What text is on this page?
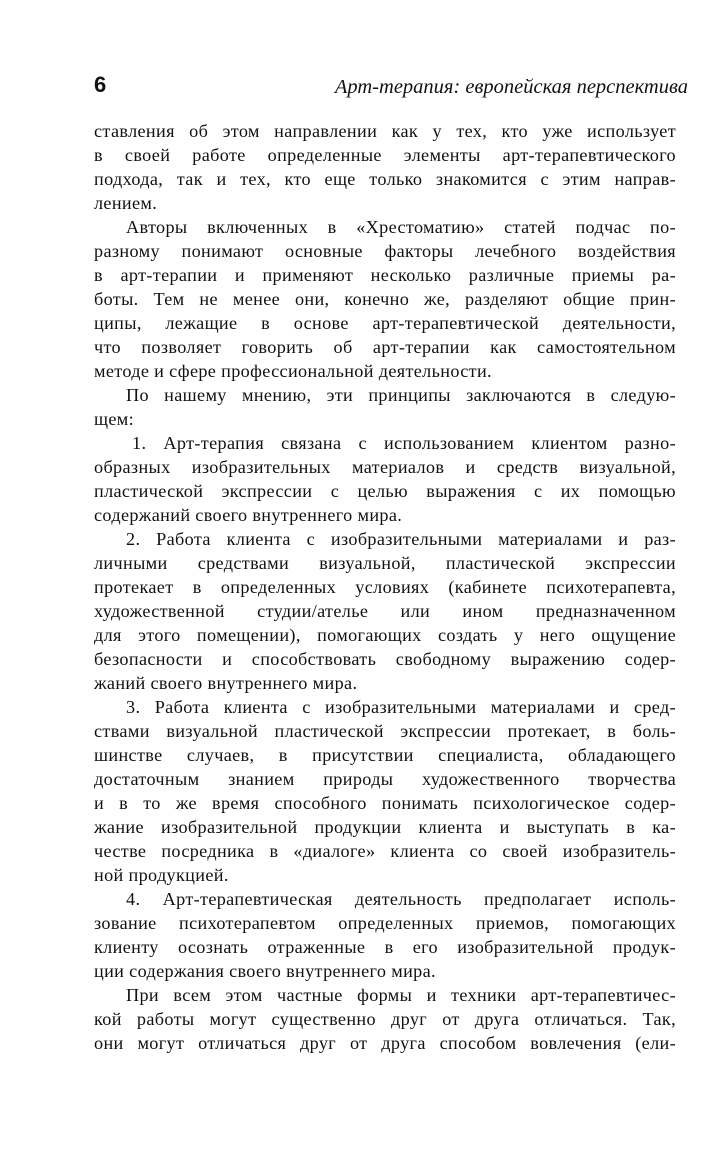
6	Арт-терапия: европейская перспектива

ставления об этом направлении как у тех, кто уже использует
в своей работе определенные элементы арт-терапевтического
подхода, так и тех, кто еще только знакомится с этим направ-
лением.

Авторы включенных в «Хрестоматию» статей подчас по-
разному понимают основные факторы лечебного воздействия
в арт-терапии и применяют несколько различные приемы ра-
боты. Тем не менее они, конечно же, разделяют общие прин-
ципы, лежащие в основе арт-терапевтической деятельности,
что позволяет говорить об арт-терапии как самостоятельном
методе и сфере профессиональной деятельности.

По нашему мнению, эти принципы заключаются в следую-
щем:

1. Арт-терапия связана с использованием клиентом разно-
образных изобразительных материалов и средств визуальной,
пластической экспрессии с целью выражения с их помощью
содержаний своего внутреннего мира.

2. Работа клиента с изобразительными материалами и раз-
личными средствами визуальной, пластической экспрессии
протекает в определенных условиях (кабинете психотерапевта,
художественной студии/ателье или ином предназначенном
для этого помещении), помогающих создать у него ощущение
безопасности и способствовать свободному выражению содер-
жаний своего внутреннего мира.

3. Работа клиента с изобразительными материалами и сред-
ствами визуальной пластической экспрессии протекает, в боль-
шинстве случаев, в присутствии специалиста, обладающего
достаточным знанием природы художественного творчества
и в то же время способного понимать психологическое содер-
жание изобразительной продукции клиента и выступать в ка-
честве посредника в «диалоге» клиента со своей изобразитель-
ной продукцией.

4. Арт-терапевтическая деятельность предполагает исполь-
зование психотерапевтом определенных приемов, помогающих
клиенту осознать отраженные в его изобразительной продук-
ции содержания своего внутреннего мира.

При всем этом частные формы и техники арт-терапевтичес-
кой работы могут существенно друг от друга отличаться. Так,
они могут отличаться друг от друга способом вовлечения (ели-
